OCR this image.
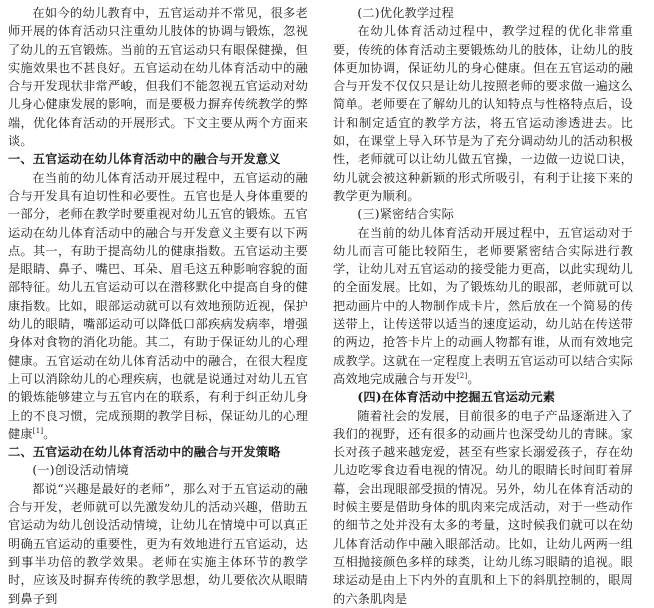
在如今的幼儿教育中，五官运动并不常见，很多老师开展的体育活动只注重幼儿肢体的协调与锻炼，忽视了幼儿的五官锻炼。当前的五官运动只有眼保健操，但实施效果也不甚良好。五官运动在幼儿体育活动中的融合与开发现状非常严峻，但我们不能忽视五官运动对幼儿身心健康发展的影响，而是要极力摒弃传统教学的弊端，优化体育活动的开展形式。下文主要从两个方面来谈。

一、五官运动在幼儿体育活动中的融合与开发意义

在当前的幼儿体育活动开展过程中，五官运动的融合与开发具有迫切性和必要性。五官也是人身体重要的一部分，老师在教学时要重视对幼儿五官的锻炼。五官运动在幼儿体育活动中的融合与开发意义主要有以下两点。其一，有助于提高幼儿的健康指数。五官运动主要是眼睛、鼻子、嘴巴、耳朵、眉毛这五种影响容貌的面部特征。幼儿五官运动可以在潜移默化中提高自身的健康指数。比如，眼部运动就可以有效地预防近视，保护幼儿的眼睛，嘴部运动可以降低口部疾病发病率，增强身体对食物的消化功能。其二，有助于保证幼儿的心理健康。五官运动在幼儿体育活动中的融合，在很大程度上可以消除幼儿的心理疾病，也就是说通过对幼儿五官的锻炼能够建立与五官内在的联系，有利于纠正幼儿身上的不良习惯，完成预期的教学目标，保证幼儿的心理健康[1]。

二、五官运动在幼儿体育活动中的融合与开发策略

(一)创设活动情境

都说“兴趣是最好的老师”，那么对于五官运动的融合与开发，老师就可以先激发幼儿的活动兴趣，借助五官运动为幼儿创设活动情境，让幼儿在情境中可以真正明确五官运动的重要性，更为有效地进行五官运动，达到事半功倍的教学效果。老师在实施主体环节的教学时，应该及时摒弃传统的教学思想，幼儿要依次从眼睛到鼻子到

(二)优化教学过程

在幼儿体育活动过程中，教学过程的优化非常重要，传统的体育活动主要锻炼幼儿的肢体，让幼儿的肢体更加协调，保证幼儿的身心健康。但在五官运动的融合与开发不仅仅只是让幼儿按照老师的要求做一遍这么简单。老师要在了解幼儿的认知特点与性格特点后，设计和制定适宜的教学方法，将五官运动渗透进去。比如，在课堂上导入环节是为了充分调动幼儿的活动积极性，老师就可以让幼儿做五官操，一边做一边说口诀，幼儿就会被这种新颖的形式所吸引，有利于让接下来的教学更为顺利。

(三)紧密结合实际

在当前的幼儿体育活动开展过程中，五官运动对于幼儿而言可能比较陌生，老师要紧密结合实际进行教学，让幼儿对五官运动的接受能力更高，以此实现幼儿的全面发展。比如，为了锻炼幼儿的眼部，老师就可以把动画片中的人物制作成卡片，然后放在一个简易的传送带上，让传送带以适当的速度运动，幼儿站在传送带的两边，抢答卡片上的动画人物都有谁，从而有效地完成教学。这就在一定程度上表明五官运动可以结合实际高效地完成融合与开发[2]。

(四)在体育活动中挖掘五官运动元素

随着社会的发展，目前很多的电子产品逐渐进入了我们的视野，还有很多的动画片也深受幼儿的青睐。家长对孩子越来越宠爱，甚至有些家长溺爱孩子，存在幼儿边吃零食边看电视的情况。幼儿的眼睛长时间盯着屏幕，会出现眼部受损的情况。另外，幼儿在体育活动的时候主要是借助身体的肌肉来完成活动，对于一些动作的细节之处并没有太多的考量，这时候我们就可以在幼儿体育活动作中融入眼部活动。比如，让幼儿两两一组互相抛接颜色多样的球类，让幼儿练习眼睛的追视。眼球运动是由上下内外的直肌和上下的斜肌控制的，眼周的六条肌肉是
